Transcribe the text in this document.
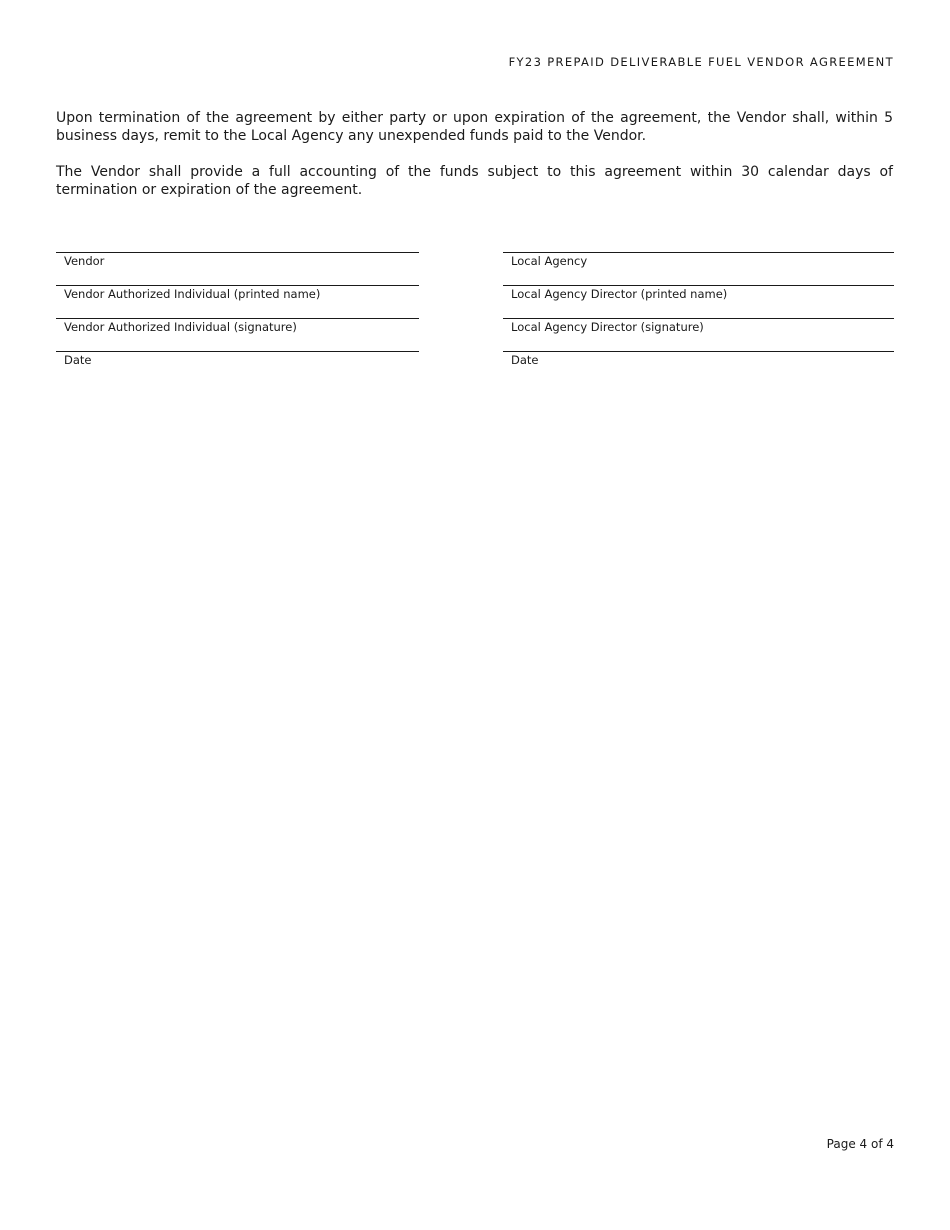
FY23 PREPAID DELIVERABLE FUEL VENDOR AGREEMENT

Upon termination of the agreement by either party or upon expiration of the agreement, the Vendor shall, within 5 business days, remit to the Local Agency any unexpended funds paid to the Vendor.

The Vendor shall provide a full accounting of the funds subject to this agreement within 30 calendar days of termination or expiration of the agreement.

Vendor
Vendor Authorized Individual (printed name)
Vendor Authorized Individual (signature)
Date
Local Agency
Local Agency Director (printed name)
Local Agency Director (signature)
Date
Page 4 of 4
